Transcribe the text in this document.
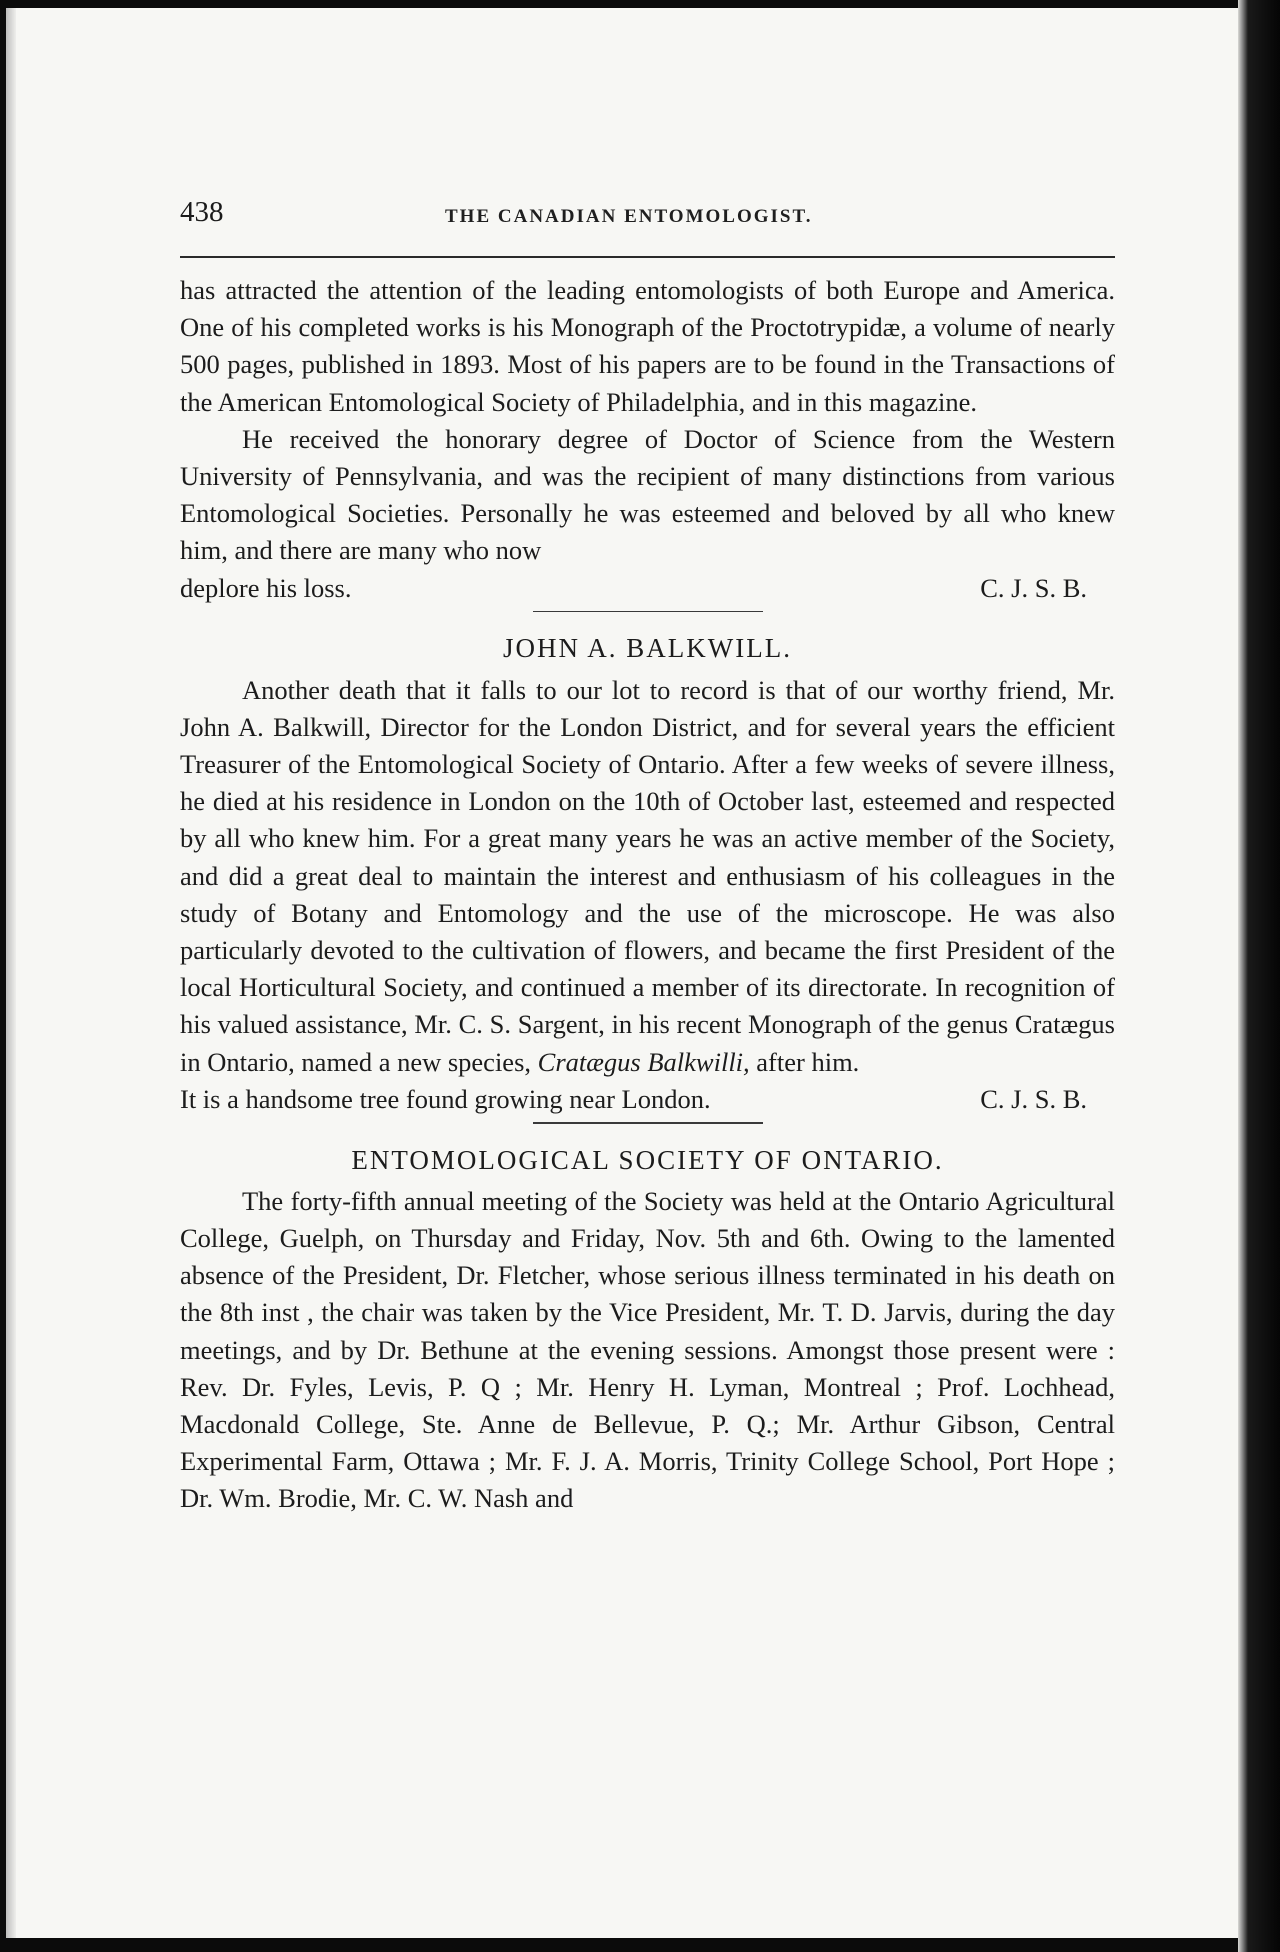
438	THE CANADIAN ENTOMOLOGIST.

has attracted the attention of the leading entomologists of both Europe and America. One of his completed works is his Monograph of the Proctotrypidæ, a volume of nearly 500 pages, published in 1893. Most of his papers are to be found in the Transactions of the American Entomological Society of Philadelphia, and in this magazine.

He received the honorary degree of Doctor of Science from the Western University of Pennsylvania, and was the recipient of many distinctions from various Entomological Societies. Personally he was esteemed and beloved by all who knew him, and there are many who now

deplore his loss.	C. J. S. B.
JOHN A. BALKWILL.

Another death that it falls to our lot to record is that of our worthy friend, Mr. John A. Balkwill, Director for the London District, and for several years the efficient Treasurer of the Entomological Society of Ontario. After a few weeks of severe illness, he died at his residence in London on the 10th of October last, esteemed and respected by all who knew him. For a great many years he was an active member of the Society, and did a great deal to maintain the interest and enthusiasm of his colleagues in the study of Botany and Entomology and the use of the microscope. He was also particularly devoted to the cultivation of flowers, and became the first President of the local Horticultural Society, and continued a member of its directorate. In recognition of his valued assistance, Mr. C. S. Sargent, in his recent Monograph of the genus Cratægus in Ontario, named a new species, Cratægus Balkwilli, after him.

It is a handsome tree found growing near London.	C. J. S. B.
ENTOMOLOGICAL SOCIETY OF ONTARIO.

The forty-fifth annual meeting of the Society was held at the Ontario Agricultural College, Guelph, on Thursday and Friday, Nov. 5th and 6th. Owing to the lamented absence of the President, Dr. Fletcher, whose serious illness terminated in his death on the 8th inst , the chair was taken by the Vice President, Mr. T. D. Jarvis, during the day meetings, and by Dr. Bethune at the evening sessions. Amongst those present were : Rev. Dr. Fyles, Levis, P. Q ; Mr. Henry H. Lyman, Montreal ; Prof. Lochhead, Macdonald College, Ste. Anne de Bellevue, P. Q.; Mr. Arthur Gibson, Central Experimental Farm, Ottawa ; Mr. F. J. A. Morris, Trinity College School, Port Hope ; Dr. Wm. Brodie, Mr. C. W. Nash and
